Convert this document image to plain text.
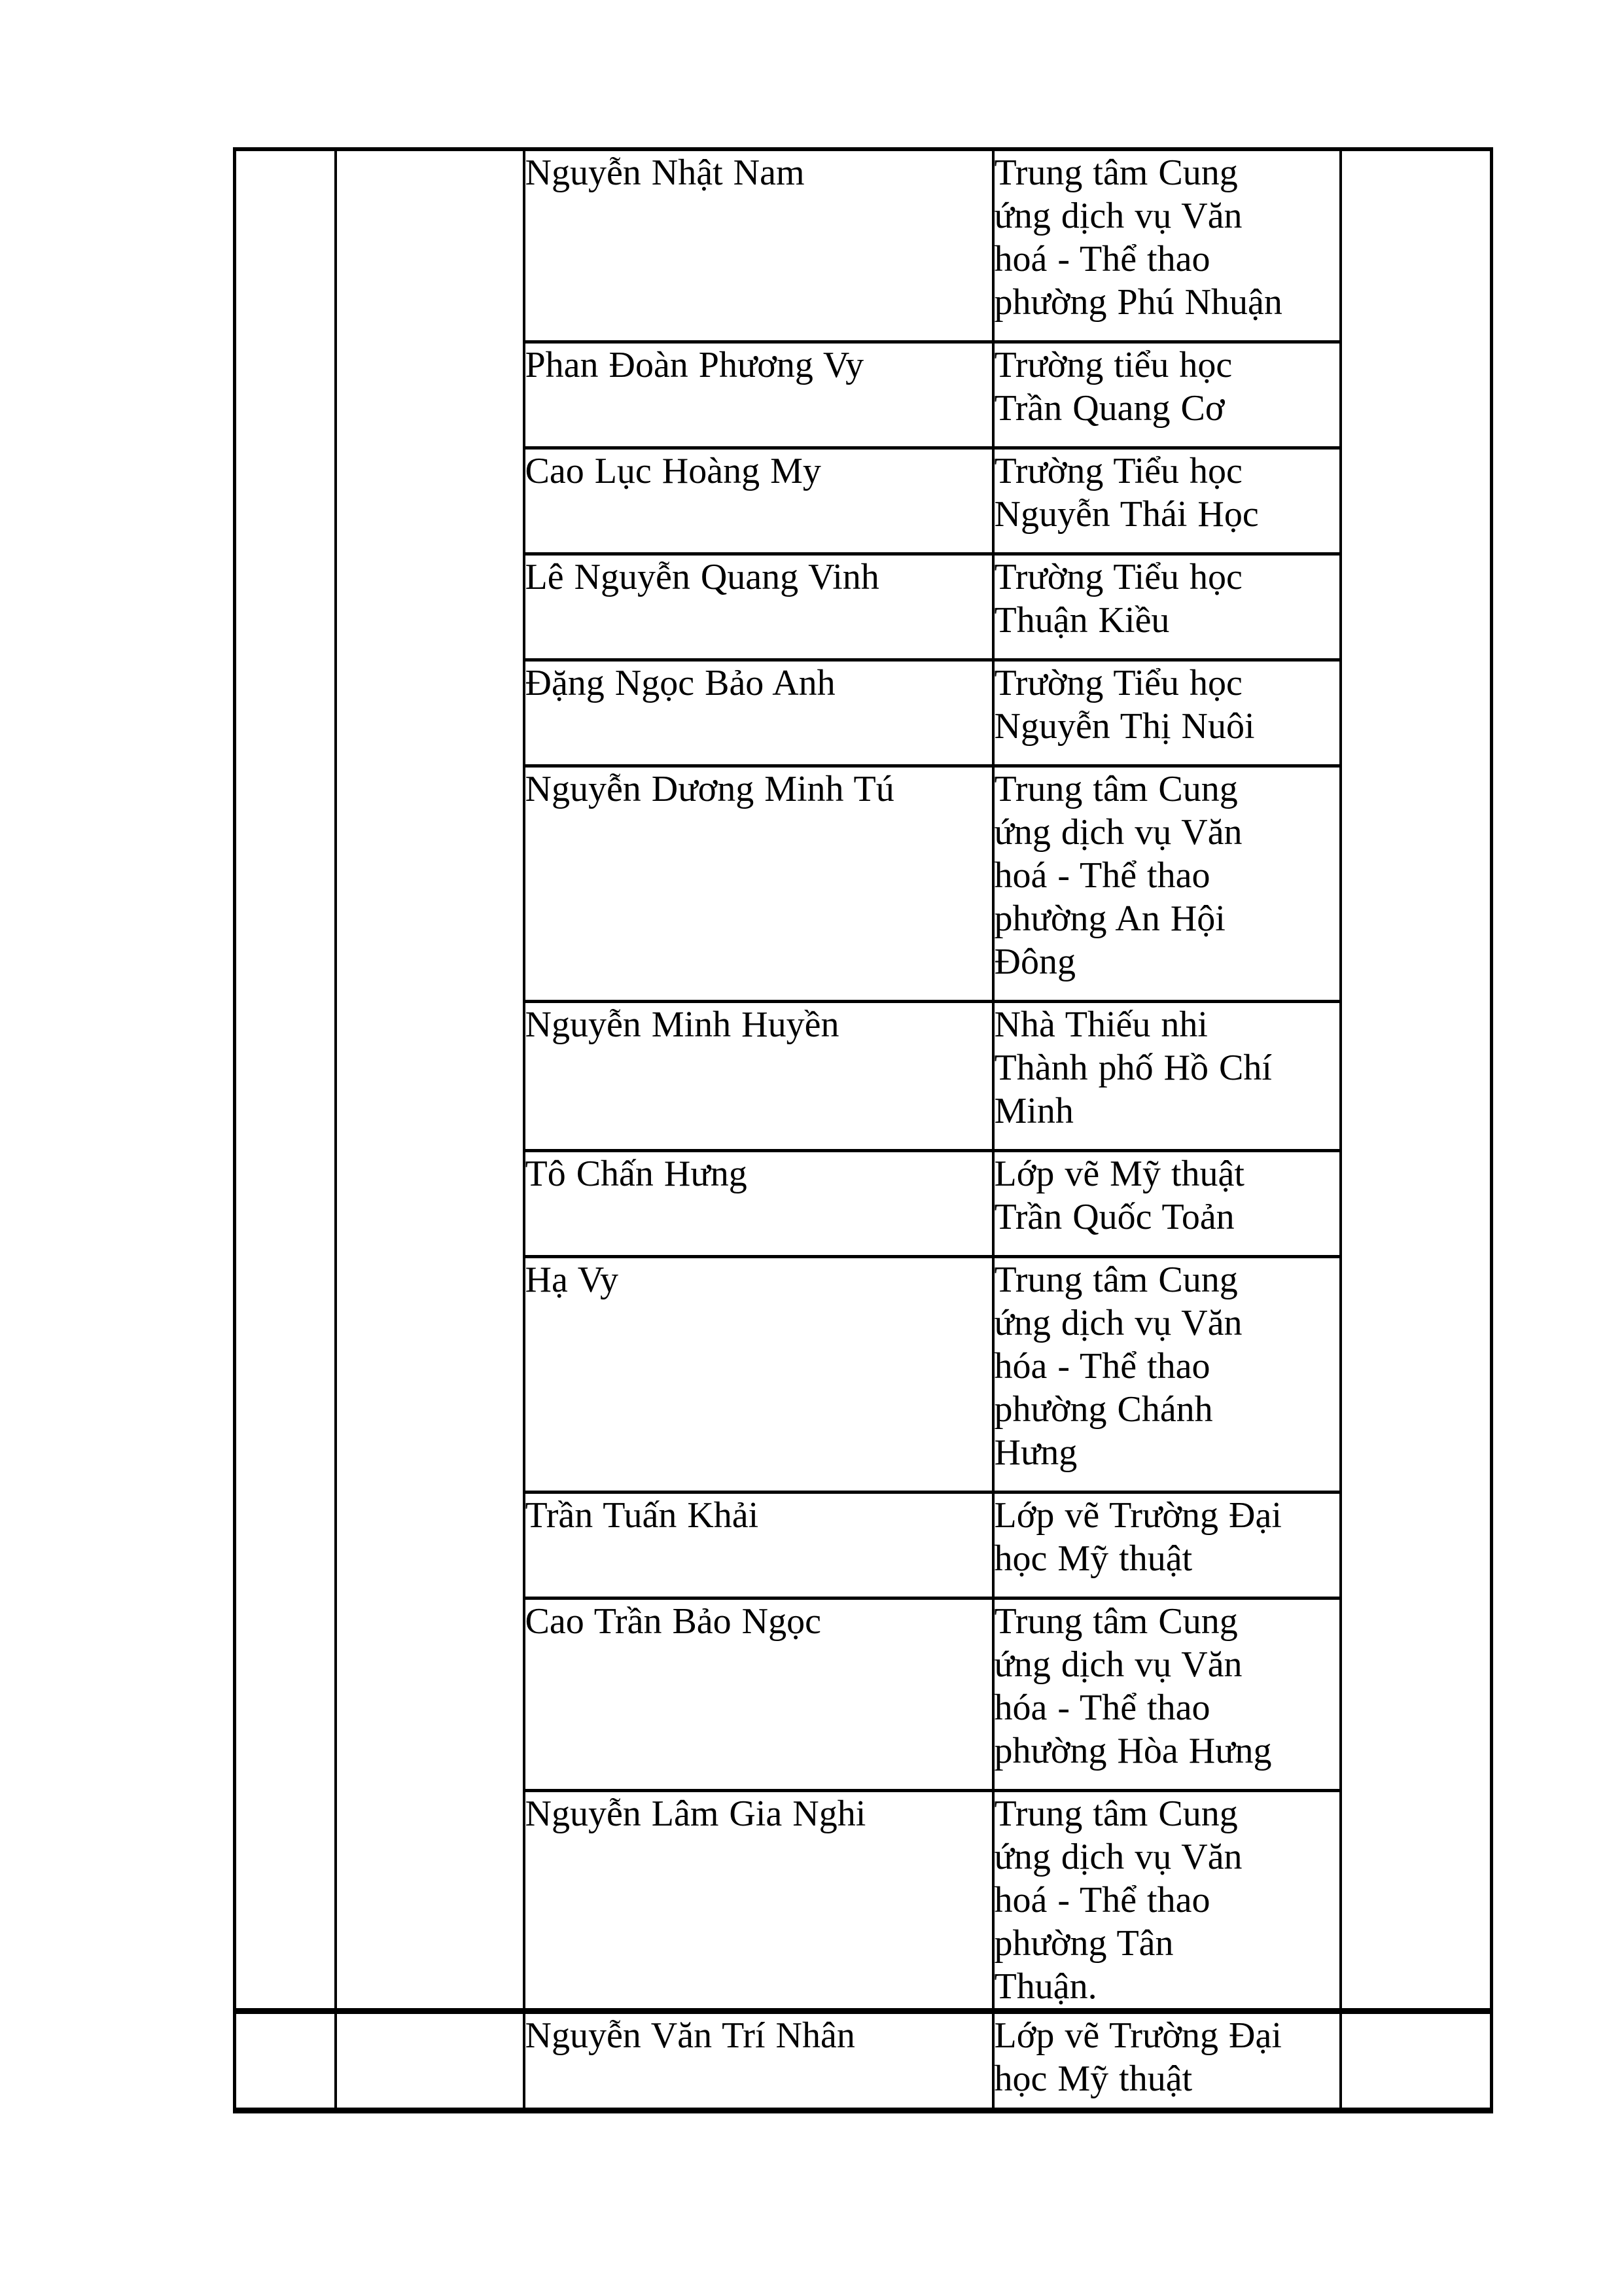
		Nguyễn Nhật Nam	Trung tâm Cung ứng dịch vụ Văn hoá - Thể thao phường Phú Nhuận	

		Phan Đoàn Phương Vy	Trường tiểu học Trần Quang Cơ	

		Cao Lục Hoàng My	Trường Tiểu học Nguyễn Thái Học	

		Lê Nguyễn Quang Vinh	Trường Tiểu học Thuận Kiều	

		Đặng Ngọc Bảo Anh	Trường Tiểu học Nguyễn Thị Nuôi	

		Nguyễn Dương Minh Tú	Trung tâm Cung ứng dịch vụ Văn hoá - Thể thao phường An Hội Đông	

		Nguyễn Minh Huyền	Nhà Thiếu nhi Thành phố Hồ Chí Minh	

		Tô Chấn Hưng	Lớp vẽ Mỹ thuật Trần Quốc Toản	

		Hạ Vy	Trung tâm Cung ứng dịch vụ Văn hóa - Thể thao phường Chánh Hưng	

		Trần Tuấn Khải	Lớp vẽ Trường Đại học Mỹ thuật	

		Cao Trần Bảo Ngọc	Trung tâm Cung ứng dịch vụ Văn hóa - Thể thao phường Hòa Hưng	

		Nguyễn Lâm Gia Nghi	Trung tâm Cung ứng dịch vụ Văn hoá - Thể thao phường Tân Thuận.	

		Nguyễn Văn Trí Nhân	Lớp vẽ Trường Đại học Mỹ thuật	
